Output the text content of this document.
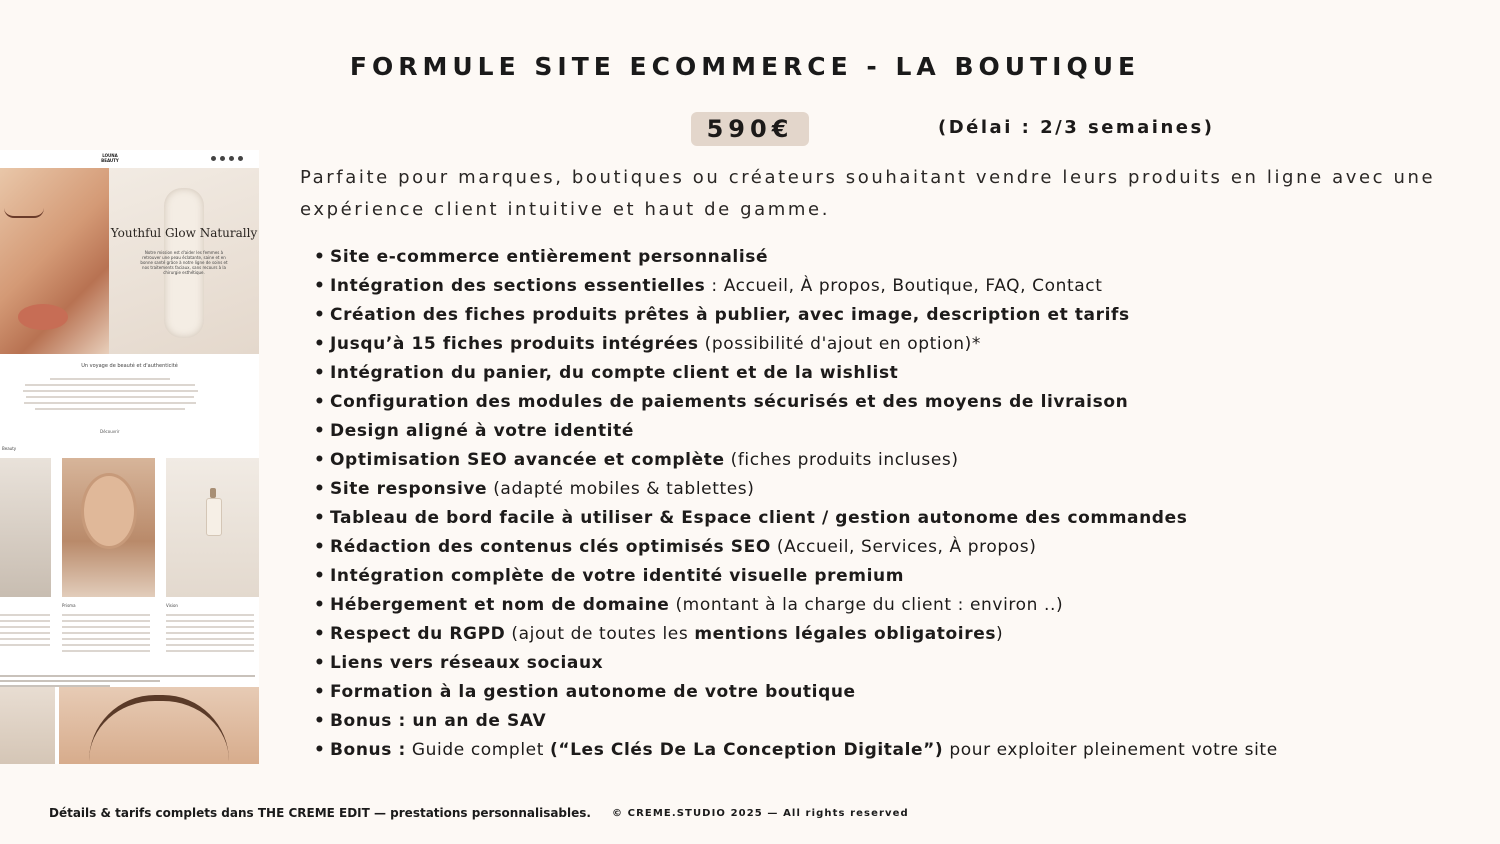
FORMULE SITE ECOMMERCE - LA BOUTIQUE
590€	(Délai : 2/3 semaines)

Parfaite pour marques, boutiques ou créateurs souhaitant vendre leurs produits en ligne avec une expérience client intuitive et haut de gamme.

• Site e-commerce entièrement personnalisé
• Intégration des sections essentielles : Accueil, À propos, Boutique, FAQ, Contact
• Création des fiches produits prêtes à publier, avec image, description et tarifs
• Jusqu’à 15 fiches produits intégrées (possibilité d'ajout en option)*
• Intégration du panier, du compte client et de la wishlist
• Configuration des modules de paiements sécurisés et des moyens de livraison
• Design aligné à votre identité
• Optimisation SEO avancée et complète (fiches produits incluses)
• Site responsive (adapté mobiles & tablettes)
• Tableau de bord facile à utiliser & Espace client / gestion autonome des commandes
• Rédaction des contenus clés optimisés SEO (Accueil, Services, À propos)
• Intégration complète de votre identité visuelle premium
• Hébergement et nom de domaine (montant à la charge du client : environ ..)
• Respect du RGPD (ajout de toutes les mentions légales obligatoires)
• Liens vers réseaux sociaux
• Formation à la gestion autonome de votre boutique
• Bonus : un an de SAV
• Bonus : Guide complet (“Les Clés De La Conception Digitale”) pour exploiter pleinement votre site
LOUNA BEAUTY
Youthful Glow Naturally
Notre mission est d'aider les femmes à retrouver une peau éclatante, saine et en bonne santé grâce à notre ligne de soins et nos traitements faciaux, sans recours à la chirurgie esthétique.
Un voyage de beauté et d'authenticité
Découvrir
Beauty
Prisma	Vision
Détails & tarifs complets dans THE CREME EDIT — prestations personnalisables. © CREME.STUDIO 2025 — All rights reserved
